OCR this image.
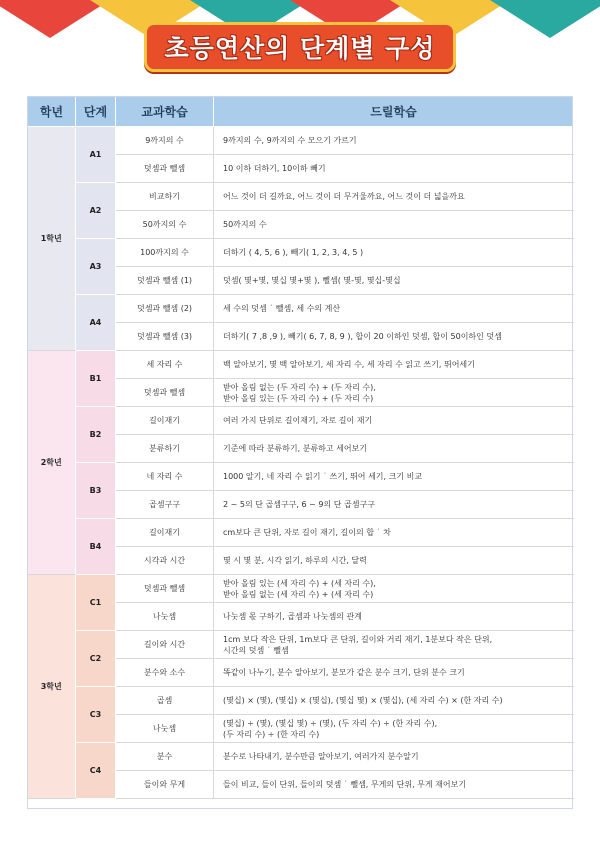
초등연산의 단계별 구성
학년	단계	교과학습	드릴학습
1학년	A1	9까지의 수	9까지의 수, 9까지의 수 모으기 가르기

		덧셈과 뺄셈	10 이하 더하기, 10이하 빼기

	A2	비교하기	어느 것이 더 길까요, 어느 것이 더 무거울까요, 어느 것이 더 넓을까요

		50까지의 수	50까지의 수

	A3	100까지의 수	더하기 ( 4, 5, 6 ), 빼기( 1, 2, 3, 4, 5 )

		덧셈과 뺄셈 (1)	덧셈( 몇+몇, 몇십 몇+몇 ), 뺄셈( 몇-몇, 몇십-몇십

	A4	덧셈과 뺄셈 (2)	세 수의 덧셈 ˙ 뺄셈, 세 수의 계산

		덧셈과 뺄셈 (3)	더하기( 7 ,8 ,9 ), 빼기( 6, 7, 8, 9 ), 합이 20 이하인 덧셈, 합이 50이하인 덧셈

2학년	B1	세 자리 수	백 알아보기, 몇 백 알아보기, 세 자리 수, 세 자리 수 읽고 쓰기, 뛰어세기

		덧셈과 뺄셈	받아 올림 없는 (두 자리 수) + (두 자리 수),
받아 올림 있는 (두 자리 수) + (두 자리 수)

	B2	길이재기	여러 가지 단위로 길이재기, 자로 길이 재기

		분류하기	기준에 따라 분류하기, 분류하고 세어보기

	B3	네 자리 수	1000 알기, 네 자리 수 읽기 ˙ 쓰기, 뛰어 세기, 크기 비교

		곱셈구구	2 ~ 5의 단 곱셈구구, 6 ~ 9의 단 곱셈구구

	B4	길이재기	cm보다 큰 단위, 자로 길이 재기, 길이의 합 ˙ 차

		시각과 시간	몇 시 몇 분, 시각 읽기, 하루의 시간, 달력

3학년	C1	덧셈과 뺄셈	받아 올림 있는 (세 자리 수) + (세 자리 수),
받아 올림 없는 (세 자리 수) + (세 자리 수)

		나눗셈	나눗셈 몫 구하기, 곱셈과 나눗셈의 관계

	C2	길이와 시간	1cm 보다 작은 단위, 1m보다 큰 단위, 길이와 거리 재기, 1분보다 작은 단위,
시간의 덧셈 ˙ 뺄셈

		분수와 소수	똑같이 나누기, 분수 알아보기, 분모가 같은 분수 크기, 단위 분수 크기

	C3	곱셈	(몇십) × (몇), (몇십) × (몇십), (몇십 몇) × (몇십), (세 자리 수) × (한 자리 수)

		나눗셈	(몇십) ÷ (몇), (몇십 몇) ÷ (몇), (두 자리 수) ÷ (한 자리 수),
(두 자리 수) ÷ (한 자리 수)

	C4	분수	분수로 나타내기, 분수만큼 알아보기, 여러가지 분수알기

		들이와 무게	들이 비교, 들이 단위, 들이의 덧셈 ˙ 뺄셈, 무게의 단위, 무게 재어보기
